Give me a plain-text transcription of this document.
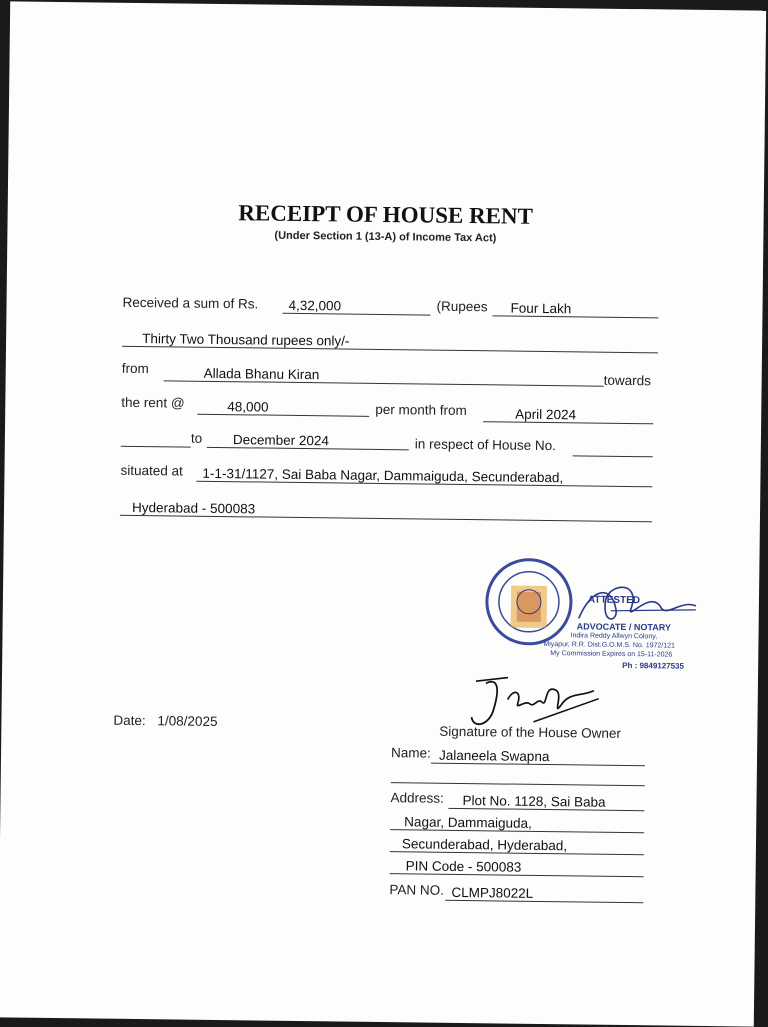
RECEIPT OF HOUSE RENT
(Under Section 1 (13-A) of Income Tax Act)
Received a sum of Rs.	4,32,000	(Rupees	Four Lakh
Thirty Two Thousand rupees only/-
from	Allada Bhanu Kiran	towards
the rent @	48,000	per month from	April 2024
to	December 2024	in respect of House No.
situated at	1-1-31/1127, Sai Baba Nagar, Dammaiguda, Secunderabad,
Hyderabad - 500083
ATTESTED
ADVOCATE / NOTARY
Indira Reddy Allwyn Colony,
Miyapur, R.R. Dist.G.O.M.S. No. 1972/121
My Commission Expires on 15-11-2026
Ph : 9849127535
Date: 1/08/2025
Signature of the House Owner
Name: Jalaneela Swapna
Address:	Plot No. 1128, Sai Baba
Nagar, Dammaiguda,
Secunderabad, Hyderabad,
PIN Code - 500083
PAN NO. CLMPJ8022L
